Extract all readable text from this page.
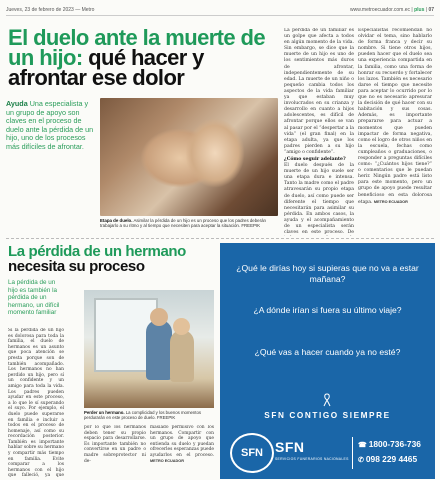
Jueves, 23 de febrero de 2023 — Metro	www.metroecuador.com.ec | plus | 07
El duelo ante la muerte de un hijo: qué hacer y afrontar ese dolor
Ayuda Una especialista y un grupo de apoyo son claves en el proceso de duelo ante la pérdida de un hijo, uno de los procesos más difíciles de afrontar.
Etapa de duelo. Asimilar la pérdida de un hijo es un proceso que los padres deberán trabajarlo a su ritmo y al tiempo que necesiten para aceptar la situación. FREEPIK
La pérdida de un familiar es un golpe que afecta a todos en algún momento de la vida. Sin embargo, se dice que la muerte de un hijo es uno de los sentimientos más duros de afrontar, independientemente de su edad. La muerte de un niño o pequeño cambia todos los aspectos de la vida familiar ya que estaban muy involucrados en su crianza y desarrollo en cuanto a hijos adolescentes, es difícil de afrontar porque ellos se van al pasar por el “despertar a la vida” (el gran final) en la etapa adulta, ya que los padres pierden a su hijo “amigo o confidente”.
¿Cómo seguir adelante?
El duelo después de la muerte de un hijo suele ser una etapa dura e intensa. Tanto la madre como el padre atravesarán su propio etapa de duelo, así como puede ser diferente el tiempo que necesitarán para asimilar su pérdida. En ambos casos, la ayuda y el acompañamiento de un especialista serán claves en este proceso. De
Especialistas recomiendan no olvidar el tema, sino hablarlo de forma franca y decir su nombre. Si tiene otros hijos, pueden hacer que el duelo sea una experiencia compartida en la familia, como una forma de honrar su recuerdo y fortalecer los lazos. También es necesario darse el tiempo que necesite para aceptar lo ocurrido por lo que no es necesario apresurar la decisión de qué hacer con su habitación y sus cosas. Además, es importante prepararse para actuar a momentos que pueden impactar de forma negativa, como el logro de otros niños en la escuela, fechas como cumpleaños o graduaciones, o responder a preguntas difíciles como: “¿Cuántos hijos tiene?” o comentarios que le puedan herir. Ningún padre está listo para este momento, pero un grupo de apoyo puede resultar beneficioso en esta dolorosa etapa. METRO ECUADOR
La pérdida de un hermano
necesita su proceso
La pérdida de un hijo es también la pérdida de un hermano, un difícil momento familiar
Si la pérdida de un hijo es dolorosa para toda la familia, el duelo de hermanos es un asunto que poca atención se presta porque son de también acompañado. Los hermanos no han perdido un hijo, pero sí un confidente y un amigo para toda la vida. Los padres pueden ayudar en este proceso, a lo que le sí superando el suyo. Por ejemplo, el duelo puede superarse en familia e incluir a todos en el proceso de homenaje, así como su recordación posterior. También es importante hablar sobre su hermano y compartir más tiempo en familia. Evite comparar a los hermanos con el hijo que falleció, ya que
Perder un hermano. La complicidad y los buenos momentos perdurarán en este proceso de duelo. FREEPIK
por lo que los hermanos deben tener su propio espacio para desarrollarse. Es importante también no convertirse en un padre o madre sobreprotector ni de-
masiado permisivo con los hermanos. Compartir con un grupo de apoyo que entienda su duelo y puedan ofrecerles esperanzas puede ayudarlos en el proceso. METRO ECUADOR
¿Qué le dirías hoy si supieras que no va a estar mañana?
¿A dónde irían si fuera su último viaje?
¿Qué vas a hacer cuando ya no esté?
SFN CONTIGO SIEMPRE
SFN SFN
SERVICIOS FUNERARIOS NACIONALES
☎ 1800-736-736
✆ 098 229 4465
